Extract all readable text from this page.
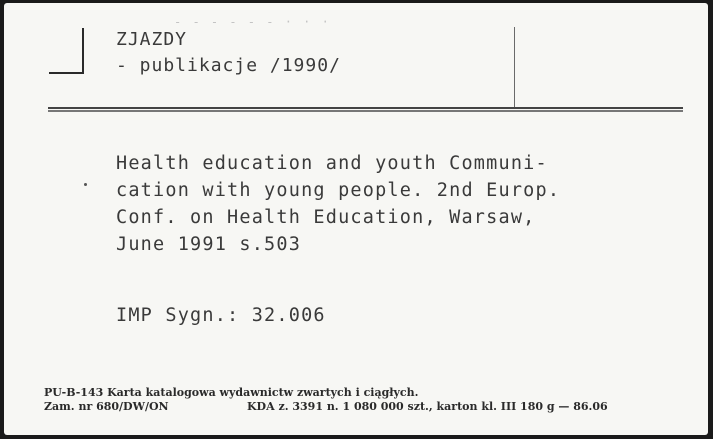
- - - - - - · · ·
ZJAZDY
- publikacje /1990/
Health education and youth Communi-
cation with young people. 2nd Europ.
Conf. on Health Education, Warsaw,
June 1991 s.503
IMP Sygn.: 32.006
PU-B-143 Karta katalogowa wydawnictw zwartych i ciągłych.
Zam. nr 680/DW/ON	KDA z. 3391 n. 1 080 000 szt., karton kl. III 180 g — 86.06
